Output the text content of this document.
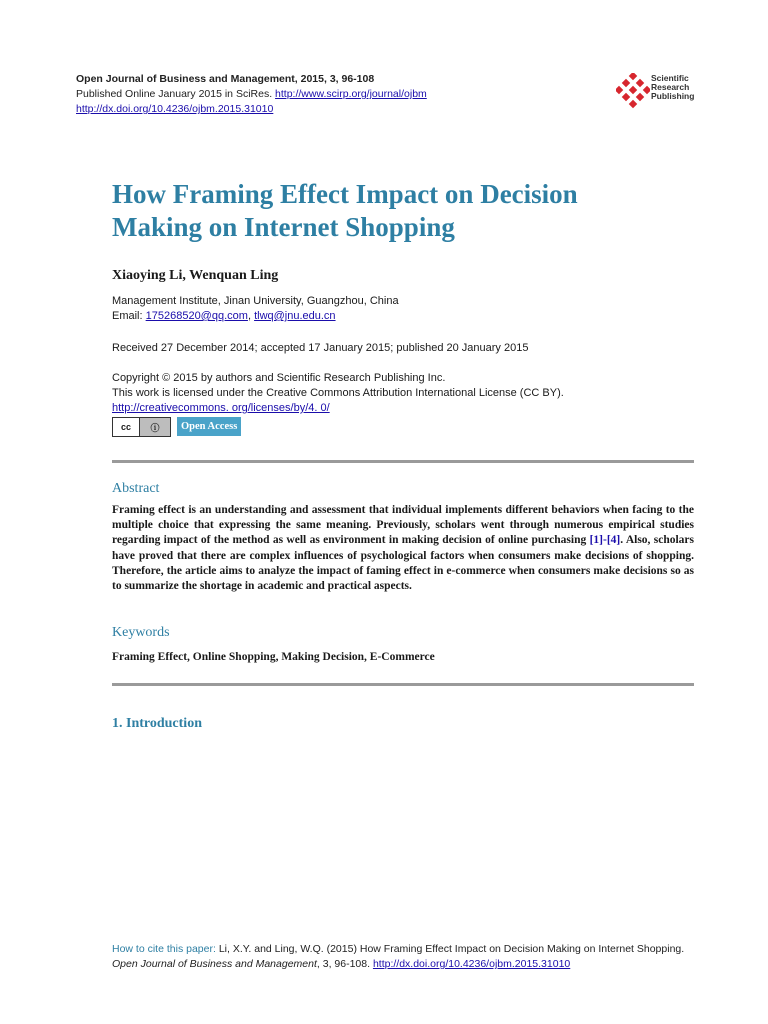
Open Journal of Business and Management, 2015, 3, 96-108
Published Online January 2015 in SciRes. http://www.scirp.org/journal/ojbm
http://dx.doi.org/10.4236/ojbm.2015.31010
Scientific
Research
Publishing
How Framing Effect Impact on Decision Making on Internet Shopping
Xiaoying Li, Wenquan Ling
Management Institute, Jinan University, Guangzhou, China
Email: 175268520@qq.com, tlwq@jnu.edu.cn
Received 27 December 2014; accepted 17 January 2015; published 20 January 2015
Copyright © 2015 by authors and Scientific Research Publishing Inc.
This work is licensed under the Creative Commons Attribution International License (CC BY).
http://creativecommons. org/licenses/by/4. 0/
cc	ⓘ	Open Access
Abstract
Framing effect is an understanding and assessment that individual implements different behaviors when facing to the multiple choice that expressing the same meaning. Previously, scholars went through numerous empirical studies regarding impact of the method as well as environment in making decision of online purchasing [1]-[4]. Also, scholars have proved that there are complex influences of psychological factors when consumers make decisions of shopping. Therefore, the article aims to analyze the impact of faming effect in e-commerce when consumers make decisions so as to summarize the shortage in academic and practical aspects.
Keywords
Framing Effect, Online Shopping, Making Decision, E-Commerce
1. Introduction
How to cite this paper: Li, X.Y. and Ling, W.Q. (2015) How Framing Effect Impact on Decision Making on Internet Shopping.
Open Journal of Business and Management, 3, 96-108. http://dx.doi.org/10.4236/ojbm.2015.31010
